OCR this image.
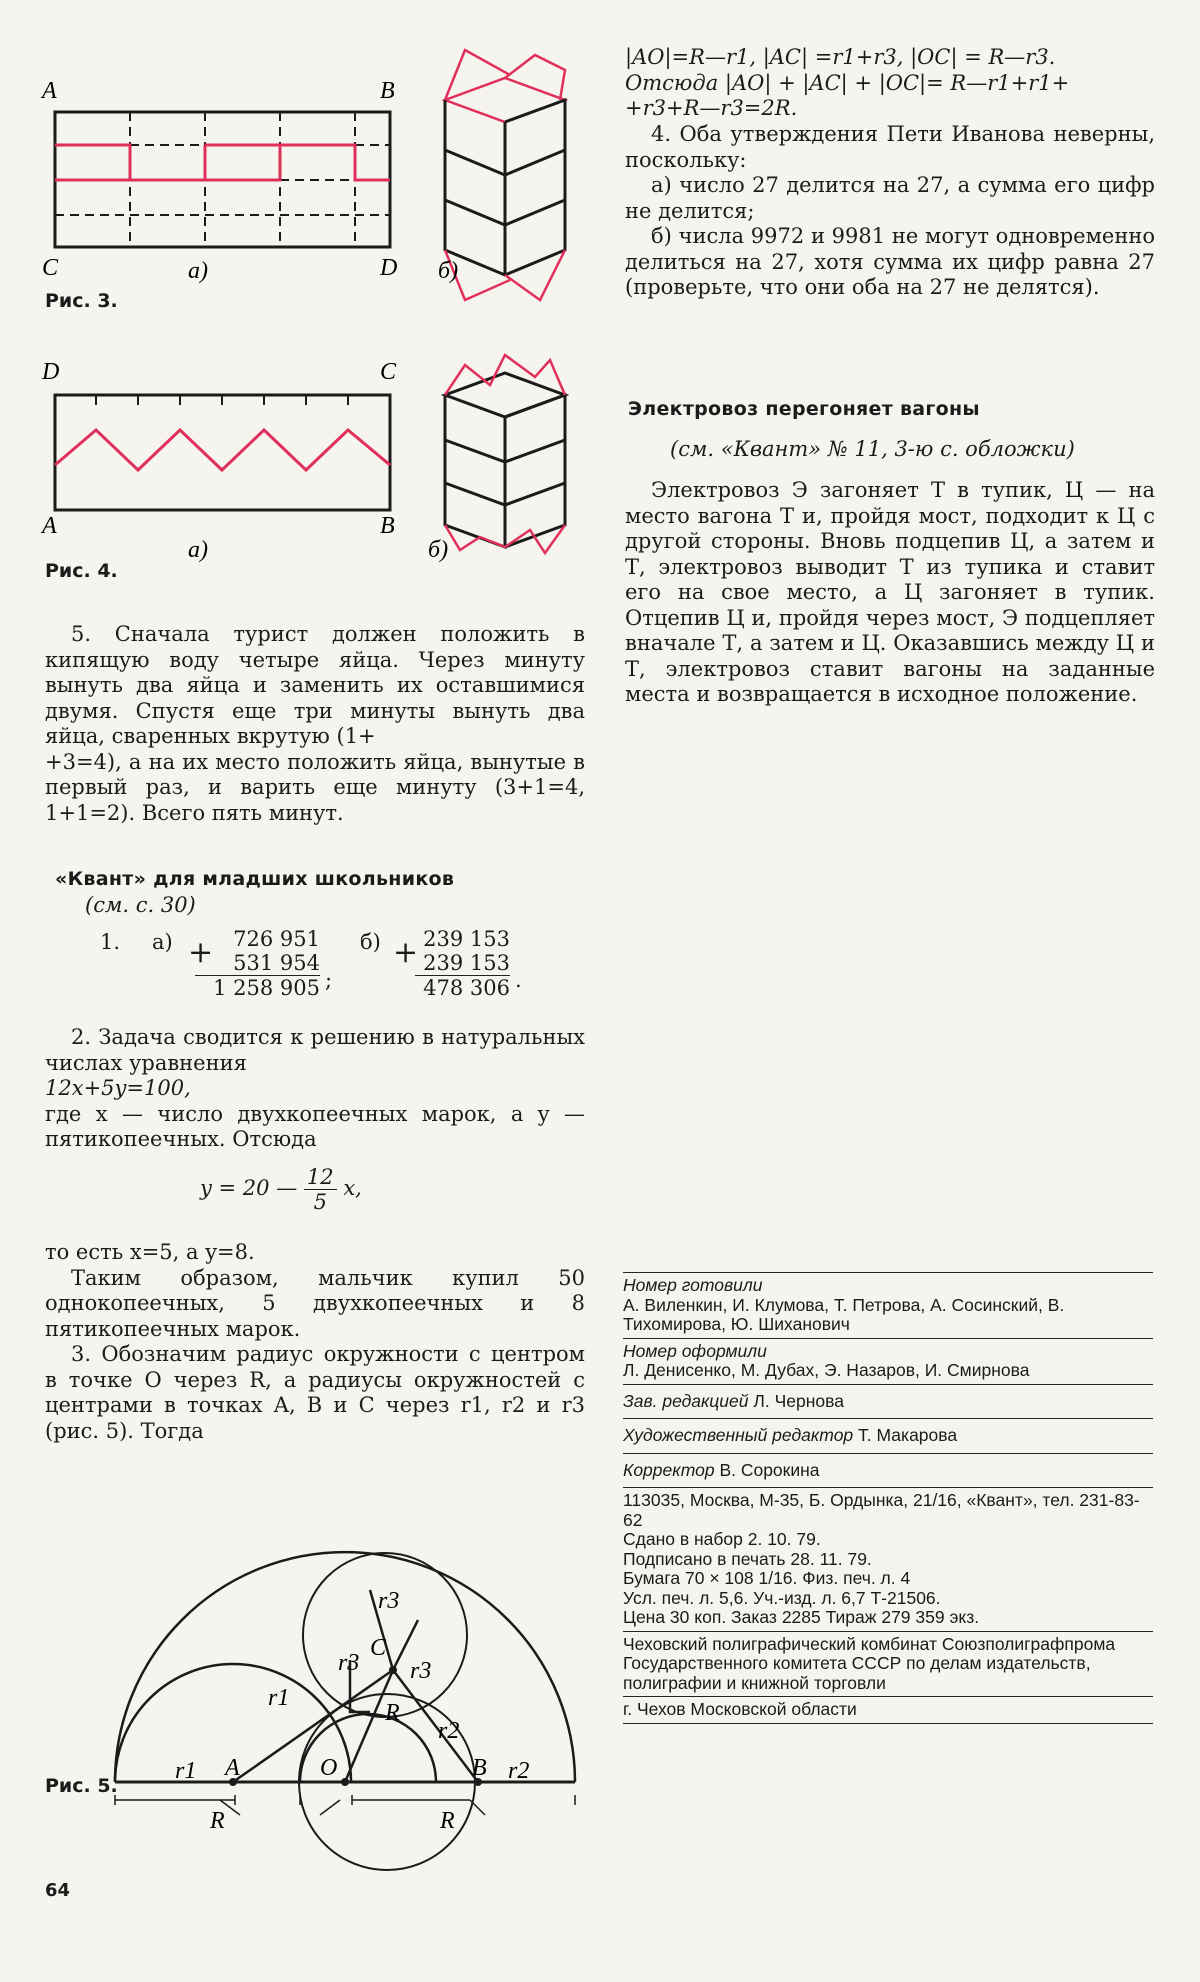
A	B
C	D
а)	б)
Рис. 3.
D	C
A	B
а)	б)
Рис. 4.

5. Сначала турист должен положить в кипящую воду четыре яйца. Через минуту вынуть два яйца и заменить их оставшимися двумя. Спустя еще три минуты вынуть два яйца, сваренных вкрутую (1+

+3=4), а на их место положить яйца, вынутые в первый раз, и варить еще минуту (3+1=4, 1+1=2). Всего пять минут.

«Квант» для младших школьников
(см. с. 30)
1. а)	726 951
531 954
1 258 905
+
;
б)	239 153
239 153
478 306
+
.

2. Задача сводится к решению в натуральных числах уравнения

12x+5y=100,

где x — число двухкопеечных марок, а y — пятикопеечных. Отсюда

y = 20 — $\frac{12}{5} x$,

то есть x=5, а y=8.

Таким образом, мальчик купил 50 однокопеечных, 5 двухкопеечных и 8 пятикопеечных марок.

3. Обозначим радиус окружности с центром в точке O через R, а радиусы окружностей с центрами в точках A, B и C через r1, r2 и r3 (рис. 5). Тогда

r1
r1
r2
r2
r3
r3 r3
A	O	B
C
R	R
R
Рис. 5.
64

|AO|=R—r1, |AC| =r1+r3, |OC| = R—r3.

Отсюда |AO| + |AC| + |OC|= R—r1+r1+

+r3+R—r3=2R.

4. Оба утверждения Пети Иванова неверны, поскольку:

а) число 27 делится на 27, а сумма его цифр не делится;

б) числа 9972 и 9981 не могут одновременно делиться на 27, хотя сумма их цифр равна 27 (проверьте, что они оба на 27 не делятся).

Электровоз перегоняет вагоны
(см. «Квант» № 11, 3-ю с. обложки)

Электровоз Э загоняет Т в тупик, Ц — на место вагона Т и, пройдя мост, подходит к Ц с другой стороны. Вновь подцепив Ц, а затем и Т, электровоз выводит Т из тупика и ставит его на свое место, а Ц загоняет в тупик. Отцепив Ц и, пройдя через мост, Э подцепляет вначале Т, а затем и Ц. Оказавшись между Ц и Т, электровоз ставит вагоны на заданные места и возвращается в исходное положение.

Номер готовили
А. Виленкин, И. Клумова, Т. Петрова, А. Сосинский, В. Тихомирова, Ю. Шиханович
Номер оформили
Л. Денисенко, М. Дубах, Э. Назаров, И. Смирнова
Зав. редакцией Л. Чернова
Художественный редактор Т. Макарова
Корректор В. Сорокина
113035, Москва, М-35, Б. Ордынка, 21/16, «Квант», тел. 231-83-62
Сдано в набор 2. 10. 79.
Подписано в печать 28. 11. 79.
Бумага 70 × 108 1/16. Физ. печ. л. 4
Усл. печ. л. 5,6. Уч.-изд. л. 6,7 Т-21506.
Цена 30 коп. Заказ 2285 Тираж 279 359 экз.
Чеховский полиграфический комбинат Союзполиграфпрома Государственного комитета СССР по делам издательств, полиграфии и книжной торговли
г. Чехов Московской области
